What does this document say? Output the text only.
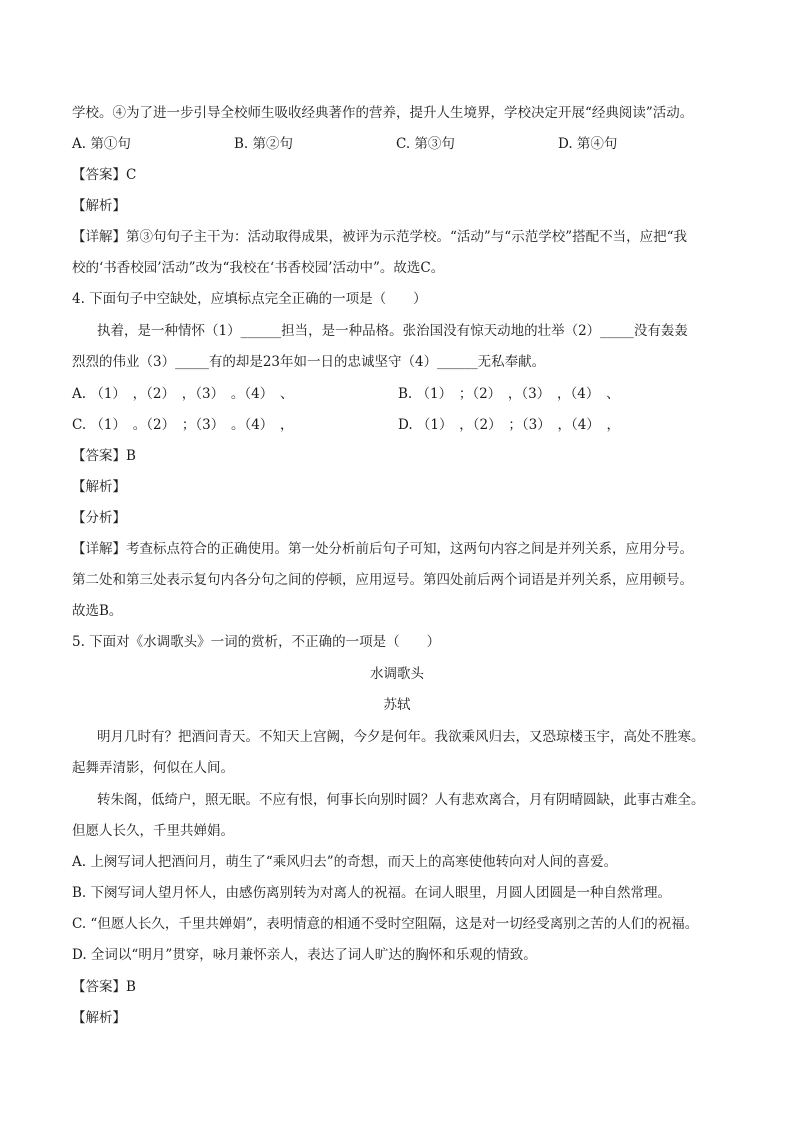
学校。④为了进一步引导全校师生吸收经典著作的营养，提升人生境界，学校决定开展“经典阅读”活动。
A. 第①句	B. 第②句	C. 第③句	D. 第④句
【答案】C
【解析】
【详解】第③句句子主干为：活动取得成果，被评为示范学校。“活动”与“示范学校”搭配不当，应把“我
校的‘书香校园’活动”改为“我校在‘书香校园’活动中”。故选C。
4. 下面句子中空缺处，应填标点完全正确的一项是（　　）
执着，是一种情怀（1）______担当，是一种品格。张治国没有惊天动地的壮举（2）_____没有轰轰
烈烈的伟业（3）_____有的却是23年如一日的忠诚坚守（4）______无私奉献。
A. （1）　，（2）　，（3）　。（4）　、	B. （1）　；（2）　，（3）　，（4）　、
C. （1）　。（2）　；（3）　。（4）　，	D. （1）　，（2）　；（3）　，（4）　，
【答案】B
【解析】
【分析】
【详解】考查标点符合的正确使用。第一处分析前后句子可知，这两句内容之间是并列关系，应用分号。
第二处和第三处表示复句内各分句之间的停顿，应用逗号。第四处前后两个词语是并列关系，应用顿号。
故选B。
5. 下面对《水调歌头》一词的赏析，不正确的一项是（　　）
水调歌头
苏轼
明月几时有？把酒问青天。不知天上宫阙，今夕是何年。我欲乘风归去，又恐琼楼玉宇，高处不胜寒。
起舞弄清影，何似在人间。
转朱阁，低绮户，照无眠。不应有恨，何事长向别时圆？人有悲欢离合，月有阴晴圆缺，此事古难全。
但愿人长久，千里共婵娟。
A. 上阕写词人把酒问月，萌生了“乘风归去”的奇想，而天上的高寒使他转向对人间的喜爱。
B. 下阕写词人望月怀人，由感伤离别转为对离人的祝福。在词人眼里，月圆人团圆是一种自然常理。
C. “但愿人长久，千里共婵娟”，表明情意的相通不受时空阻隔，这是对一切经受离别之苦的人们的祝福。
D. 全词以“明月”贯穿，咏月兼怀亲人，表达了词人旷达的胸怀和乐观的情致。
【答案】B
【解析】
